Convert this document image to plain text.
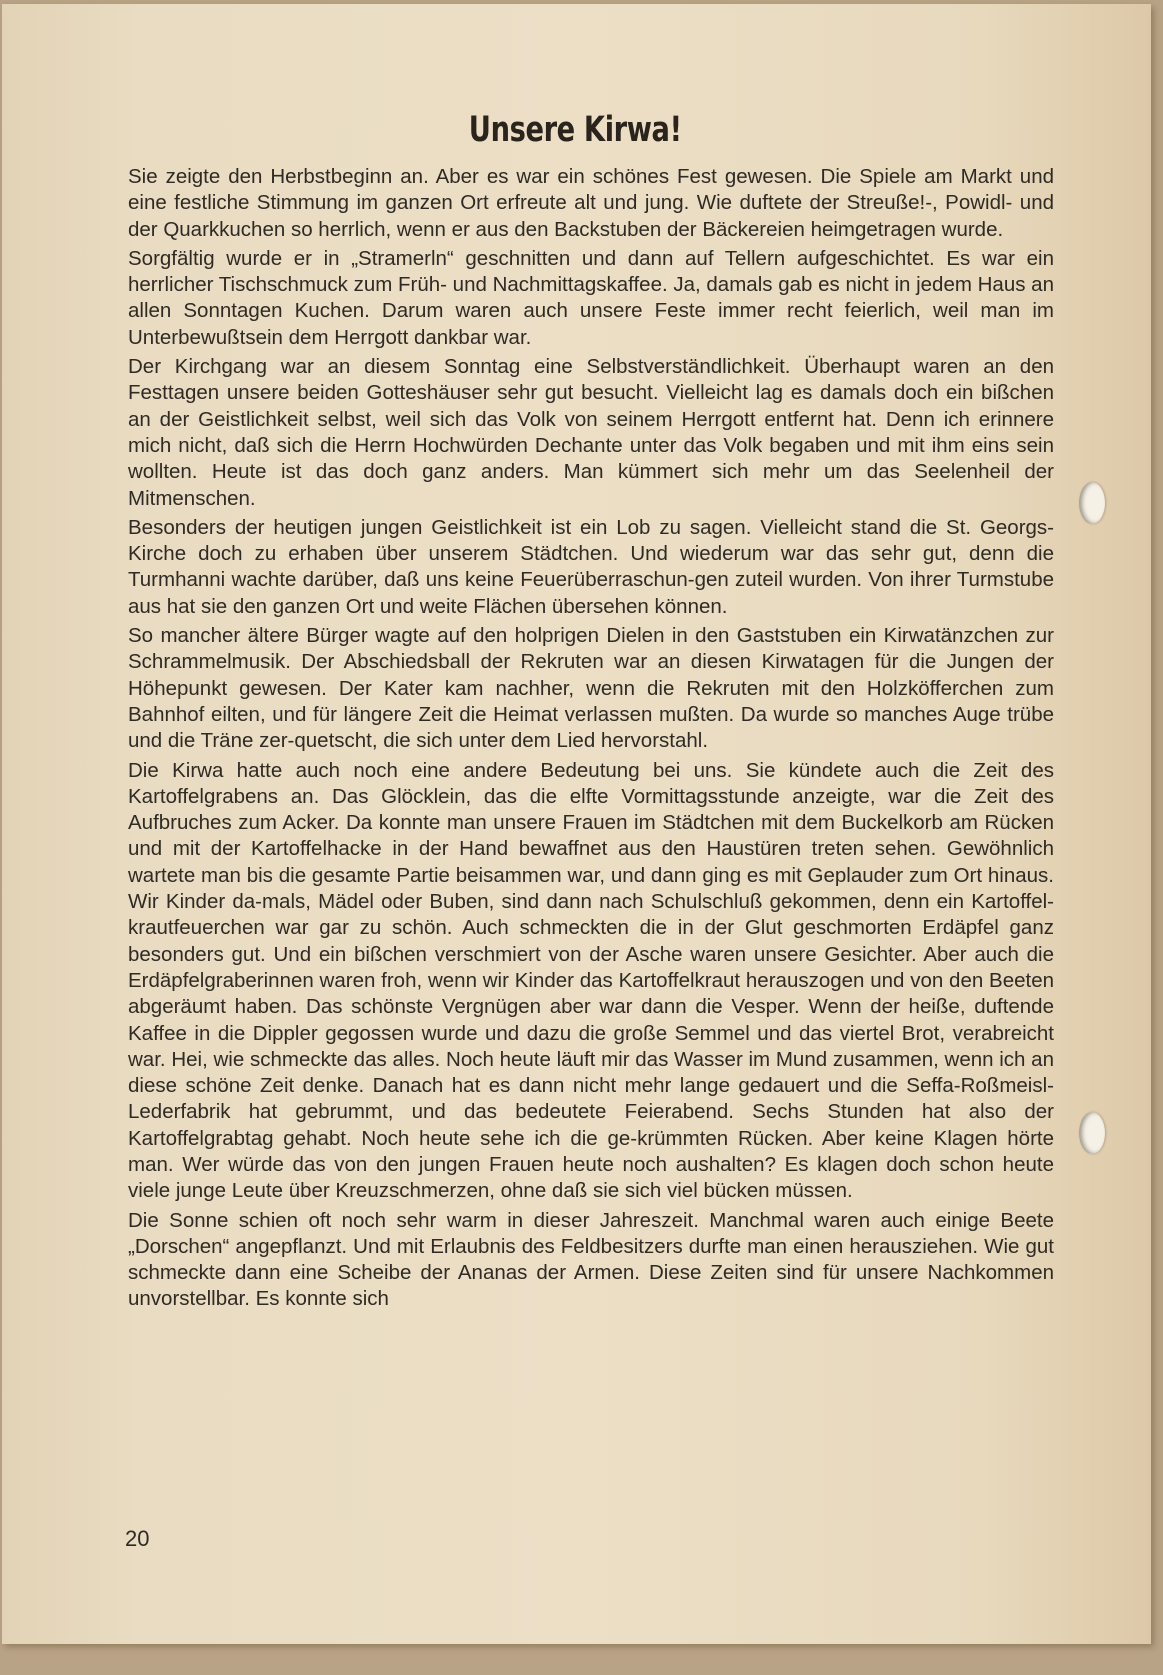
Unsere Kirwa!

Sie zeigte den Herbstbeginn an. Aber es war ein schönes Fest gewesen. Die Spiele am Markt und eine festliche Stimmung im ganzen Ort erfreute alt und jung. Wie duftete der Streuße!-, Powidl- und der Quarkkuchen so herrlich, wenn er aus den Backstuben der Bäckereien heimgetragen wurde.

Sorgfältig wurde er in „Stramerln“ geschnitten und dann auf Tellern aufgeschichtet. Es war ein herrlicher Tischschmuck zum Früh- und Nachmittagskaffee. Ja, damals gab es nicht in jedem Haus an allen Sonntagen Kuchen. Darum waren auch unsere Feste immer recht feierlich, weil man im Unterbewußtsein dem Herrgott dankbar war.

Der Kirchgang war an diesem Sonntag eine Selbstverständlichkeit. Überhaupt waren an den Festtagen unsere beiden Gotteshäuser sehr gut besucht. Vielleicht lag es damals doch ein bißchen an der Geistlichkeit selbst, weil sich das Volk von seinem Herrgott entfernt hat. Denn ich erinnere mich nicht, daß sich die Herrn Hochwürden Dechante unter das Volk begaben und mit ihm eins sein wollten. Heute ist das doch ganz anders. Man kümmert sich mehr um das Seelenheil der Mitmenschen.

Besonders der heutigen jungen Geistlichkeit ist ein Lob zu sagen. Vielleicht stand die St. Georgs-Kirche doch zu erhaben über unserem Städtchen. Und wiederum war das sehr gut, denn die Turmhanni wachte darüber, daß uns keine Feuerüberraschun-gen zuteil wurden. Von ihrer Turmstube aus hat sie den ganzen Ort und weite Flächen übersehen können.

So mancher ältere Bürger wagte auf den holprigen Dielen in den Gaststuben ein Kirwatänzchen zur Schrammelmusik. Der Abschiedsball der Rekruten war an diesen Kirwatagen für die Jungen der Höhepunkt gewesen. Der Kater kam nachher, wenn die Rekruten mit den Holzköfferchen zum Bahnhof eilten, und für längere Zeit die Heimat verlassen mußten. Da wurde so manches Auge trübe und die Träne zer-quetscht, die sich unter dem Lied hervorstahl.

Die Kirwa hatte auch noch eine andere Bedeutung bei uns. Sie kündete auch die Zeit des Kartoffelgrabens an. Das Glöcklein, das die elfte Vormittagsstunde anzeigte, war die Zeit des Aufbruches zum Acker. Da konnte man unsere Frauen im Städtchen mit dem Buckelkorb am Rücken und mit der Kartoffelhacke in der Hand bewaffnet aus den Haustüren treten sehen. Gewöhnlich wartete man bis die gesamte Partie beisammen war, und dann ging es mit Geplauder zum Ort hinaus. Wir Kinder da-mals, Mädel oder Buben, sind dann nach Schulschluß gekommen, denn ein Kartoffel-krautfeuerchen war gar zu schön. Auch schmeckten die in der Glut geschmorten Erdäpfel ganz besonders gut. Und ein bißchen verschmiert von der Asche waren unsere Gesichter. Aber auch die Erdäpfelgraberinnen waren froh, wenn wir Kinder das Kartoffelkraut herauszogen und von den Beeten abgeräumt haben. Das schönste Vergnügen aber war dann die Vesper. Wenn der heiße, duftende Kaffee in die Dippler gegossen wurde und dazu die große Semmel und das viertel Brot, verabreicht war. Hei, wie schmeckte das alles. Noch heute läuft mir das Wasser im Mund zusammen, wenn ich an diese schöne Zeit denke. Danach hat es dann nicht mehr lange gedauert und die Seffa-Roßmeisl-Lederfabrik hat gebrummt, und das bedeutete Feierabend. Sechs Stunden hat also der Kartoffelgrabtag gehabt. Noch heute sehe ich die ge-krümmten Rücken. Aber keine Klagen hörte man. Wer würde das von den jungen Frauen heute noch aushalten? Es klagen doch schon heute viele junge Leute über Kreuzschmerzen, ohne daß sie sich viel bücken müssen.

Die Sonne schien oft noch sehr warm in dieser Jahreszeit. Manchmal waren auch einige Beete „Dorschen“ angepflanzt. Und mit Erlaubnis des Feldbesitzers durfte man einen herausziehen. Wie gut schmeckte dann eine Scheibe der Ananas der Armen. Diese Zeiten sind für unsere Nachkommen unvorstellbar. Es konnte sich

20
